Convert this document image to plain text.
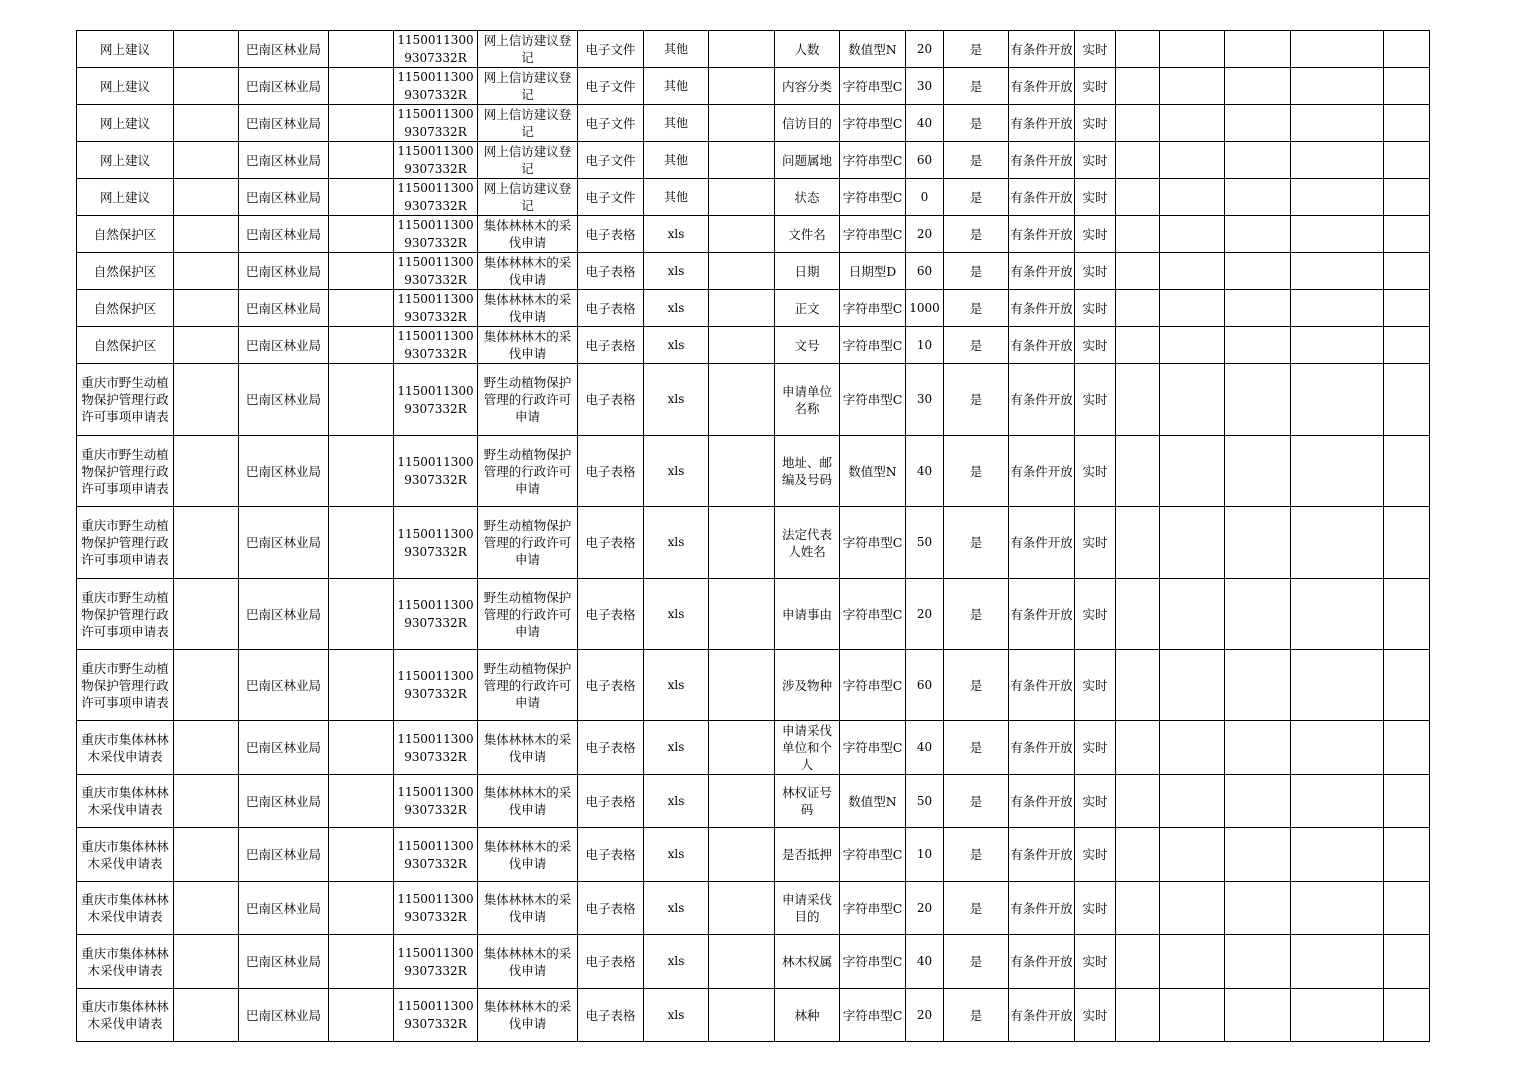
网上建议		巴南区林业局		11500113009307332R	网上信访建议登记	电子文件	其他		人数	数值型N	20	是	有条件开放	实时					
网上建议		巴南区林业局		11500113009307332R	网上信访建议登记	电子文件	其他		内容分类	字符串型C	30	是	有条件开放	实时					
网上建议		巴南区林业局		11500113009307332R	网上信访建议登记	电子文件	其他		信访目的	字符串型C	40	是	有条件开放	实时					
网上建议		巴南区林业局		11500113009307332R	网上信访建议登记	电子文件	其他		问题属地	字符串型C	60	是	有条件开放	实时					
网上建议		巴南区林业局		11500113009307332R	网上信访建议登记	电子文件	其他		状态	字符串型C	0	是	有条件开放	实时					
自然保护区		巴南区林业局		11500113009307332R	集体林林木的采伐申请	电子表格	xls		文件名	字符串型C	20	是	有条件开放	实时					
自然保护区		巴南区林业局		11500113009307332R	集体林林木的采伐申请	电子表格	xls		日期	日期型D	60	是	有条件开放	实时					
自然保护区		巴南区林业局		11500113009307332R	集体林林木的采伐申请	电子表格	xls		正文	字符串型C	1000	是	有条件开放	实时					
自然保护区		巴南区林业局		11500113009307332R	集体林林木的采伐申请	电子表格	xls		文号	字符串型C	10	是	有条件开放	实时					
重庆市野生动植物保护管理行政许可事项申请表		巴南区林业局		11500113009307332R	野生动植物保护管理的行政许可申请	电子表格	xls		申请单位名称	字符串型C	30	是	有条件开放	实时					
重庆市野生动植物保护管理行政许可事项申请表		巴南区林业局		11500113009307332R	野生动植物保护管理的行政许可申请	电子表格	xls		地址、邮编及号码	数值型N	40	是	有条件开放	实时					
重庆市野生动植物保护管理行政许可事项申请表		巴南区林业局		11500113009307332R	野生动植物保护管理的行政许可申请	电子表格	xls		法定代表人姓名	字符串型C	50	是	有条件开放	实时					
重庆市野生动植物保护管理行政许可事项申请表		巴南区林业局		11500113009307332R	野生动植物保护管理的行政许可申请	电子表格	xls		申请事由	字符串型C	20	是	有条件开放	实时					
重庆市野生动植物保护管理行政许可事项申请表		巴南区林业局		11500113009307332R	野生动植物保护管理的行政许可申请	电子表格	xls		涉及物种	字符串型C	60	是	有条件开放	实时					
重庆市集体林林木采伐申请表		巴南区林业局		11500113009307332R	集体林林木的采伐申请	电子表格	xls		申请采伐单位和个人	字符串型C	40	是	有条件开放	实时					
重庆市集体林林木采伐申请表		巴南区林业局		11500113009307332R	集体林林木的采伐申请	电子表格	xls		林权证号码	数值型N	50	是	有条件开放	实时					
重庆市集体林林木采伐申请表		巴南区林业局		11500113009307332R	集体林林木的采伐申请	电子表格	xls		是否抵押	字符串型C	10	是	有条件开放	实时					
重庆市集体林林木采伐申请表		巴南区林业局		11500113009307332R	集体林林木的采伐申请	电子表格	xls		申请采伐目的	字符串型C	20	是	有条件开放	实时					
重庆市集体林林木采伐申请表		巴南区林业局		11500113009307332R	集体林林木的采伐申请	电子表格	xls		林木权属	字符串型C	40	是	有条件开放	实时					
重庆市集体林林木采伐申请表		巴南区林业局		11500113009307332R	集体林林木的采伐申请	电子表格	xls		林种	字符串型C	20	是	有条件开放	实时					
